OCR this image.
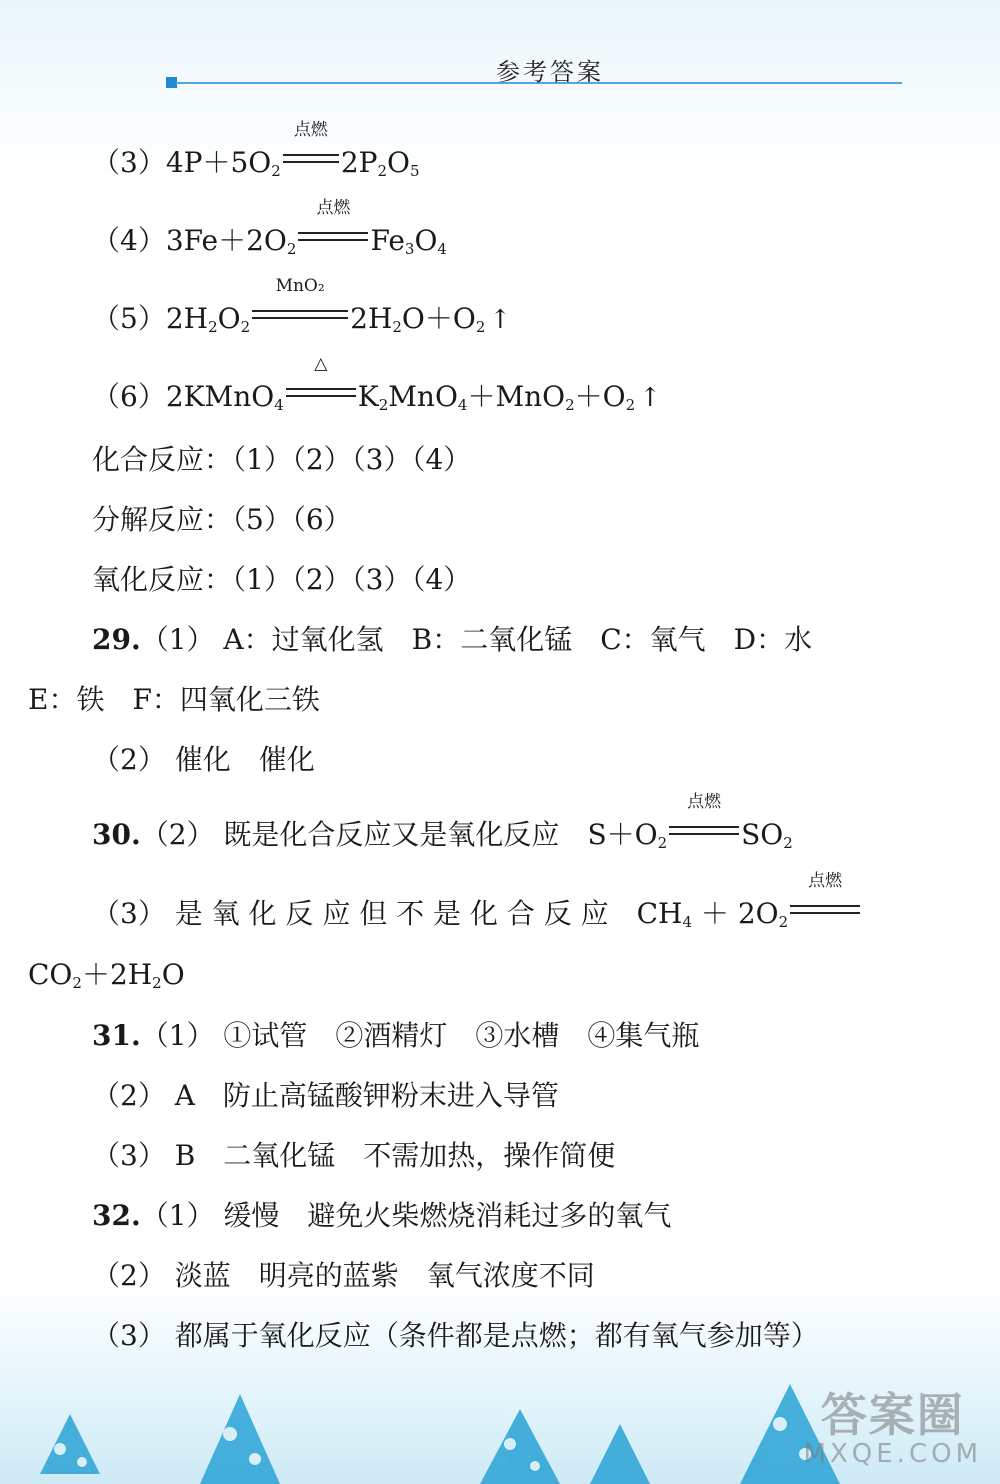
参考答案
$(3)4P+5O_2$
点燃
$2P_2O_5$
$(4)3Fe+2O_2$
点燃
$Fe_3O_4$
$(5)2H_2O_2$
MnO₂
$2H_2O+O_2$ ↑
（6）2KMnO$_4$
△
$K_2MnO_4+MnO_2+O_2$ ↑
化合反应：（1）（2）（3）（4）
分解反应：（5）（6）
氧化反应：（1）（2）（3）（4）
29.（1） A：过氧化氢　B：二氧化锰　C：氧气　D：水
E：铁　F：四氧化三铁
（2） 催化　催化
30.（2） 既是化合反应又是氧化反应　$S+O_2$
点燃
$SO_2$
（3） 是 氧 化 反 应 但 不 是 化 合 反 应　$CH_4 + 2O_2$
点燃
$CO_2+2H_2O$
31.（1） ①试管　②酒精灯　③水槽　④集气瓶
（2） A　防止高锰酸钾粉末进入导管
（3） B　二氧化锰　不需加热，操作简便
32.（1） 缓慢　避免火柴燃烧消耗过多的氧气
（2） 淡蓝　明亮的蓝紫　氧气浓度不同
（3） 都属于氧化反应（条件都是点燃；都有氧气参加等）
答案圈
MXQE.COM
